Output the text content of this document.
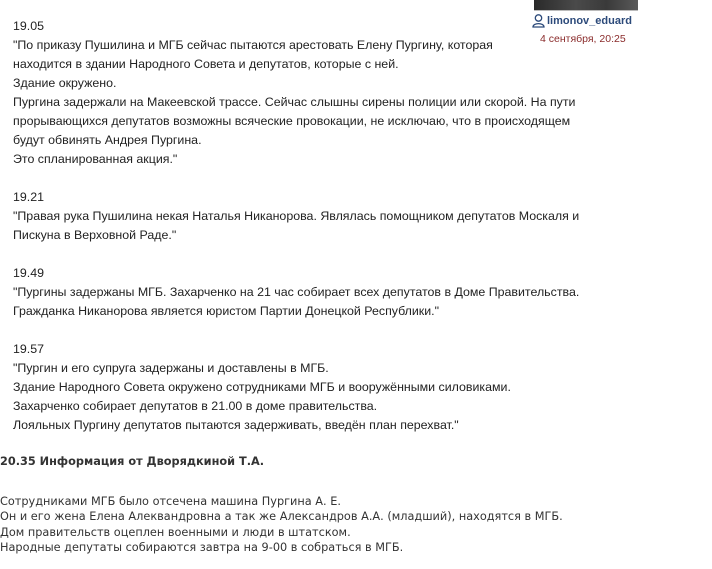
limonov_eduard
4 сентября, 20:25
19.05
"По приказу Пушилина и МГБ сейчас пытаются арестовать Елену Пургину, которая
находится в здании Народного Совета и депутатов, которые с ней.
Здание окружено.
Пургина задержали на Макеевской трассе. Сейчас слышны сирены полиции или скорой. На пути
прорывающихся депутатов возможны всяческие провокации, не исключаю, что в происходящем
будут обвинять Андрея Пургина.
Это спланированная акция."
19.21
"Правая рука Пушилина некая Наталья Никанорова. Являлась помощником депутатов Москаля и
Пискуна в Верховной Раде."
19.49
"Пургины задержаны МГБ. Захарченко на 21 час собирает всех депутатов в Доме Правительства.
Гражданка Никанорова является юристом Партии Донецкой Республики."
19.57
"Пургин и его супруга задержаны и доставлены в МГБ.
Здание Народного Совета окружено сотрудниками МГБ и вооружёнными силовиками.
Захарченко собирает депутатов в 21.00 в доме правительства.
Лояльных Пургину депутатов пытаются задерживать, введён план перехват."
20.35 Информация от Дворядкиной Т.А.
Сотрудниками МГБ было отсечена машина Пургина А. Е.
Он и его жена Елена Алеквандровна а так же Александров А.А. (младший), находятся в МГБ.
Дом правительств оцеплен военными и люди в штатском.
Народные депутаты собираются завтра на 9-00 в собраться в МГБ.
